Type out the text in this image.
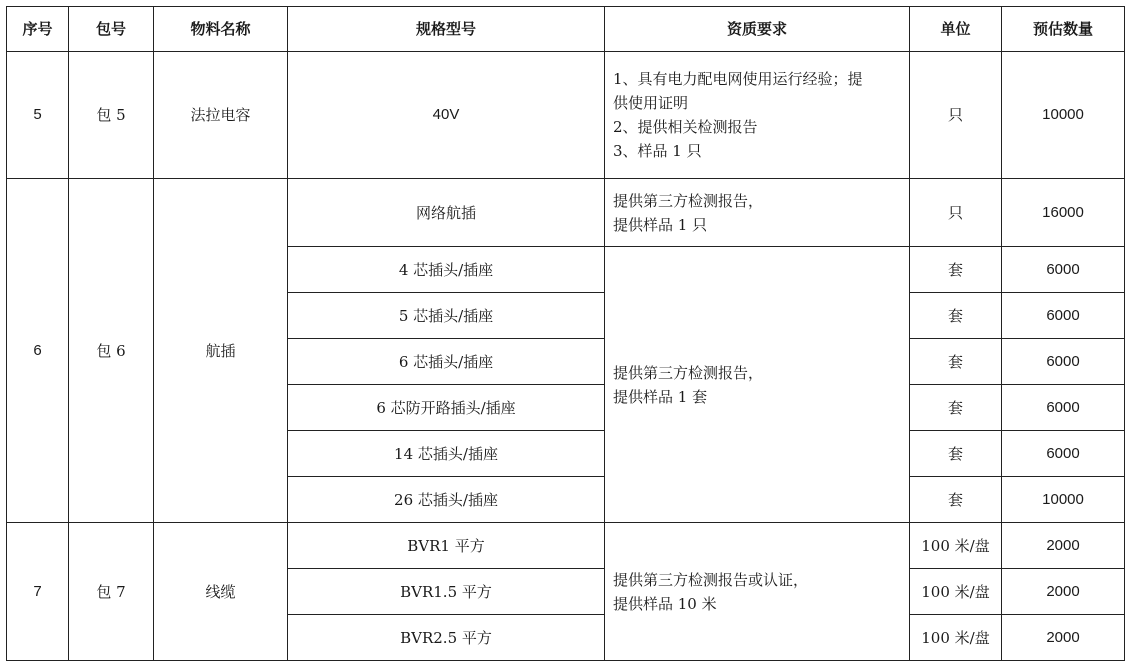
序号	包号	物料名称	规格型号	资质要求	单位	预估数量
5	包 5	法拉电容	40V	1、具有电力配电网使用运行经验；提
供使用证明
2、提供相关检测报告
3、样品 1 只	只	10000
6	包 6	航插	网络航插	提供第三方检测报告，
提供样品 1 只	只	16000
			4 芯插头/插座	提供第三方检测报告，
提供样品 1 套	套	6000
			5 芯插头/插座		套	6000
			6 芯插头/插座		套	6000
			6 芯防开路插头/插座		套	6000
			14 芯插头/插座		套	6000
			26 芯插头/插座		套	10000
7	包 7	线缆	BVR1 平方	提供第三方检测报告或认证，
提供样品 10 米	100 米/盘	2000
			BVR1.5 平方		100 米/盘	2000
			BVR2.5 平方		100 米/盘	2000
